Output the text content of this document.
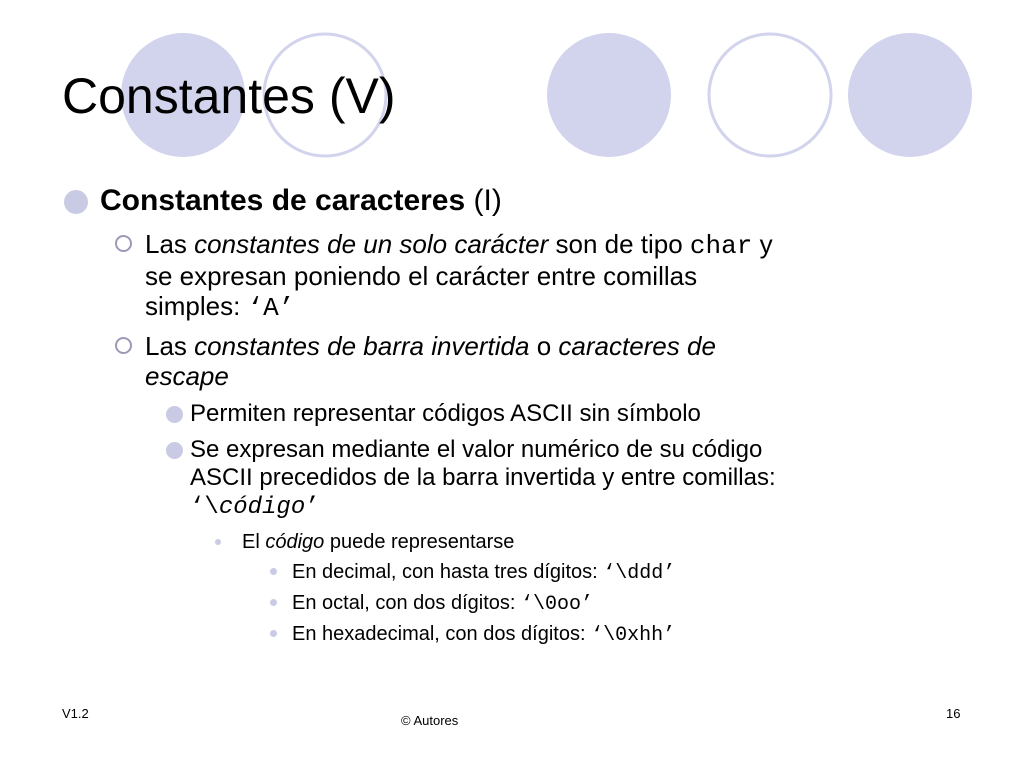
Constantes (V)
Constantes de caracteres (I)
Las constantes de un solo carácter son de tipo char y
se expresan poniendo el carácter entre comillas
simples: ‘A’
Las constantes de barra invertida o caracteres de
escape
Permiten representar códigos ASCII sin símbolo
Se expresan mediante el valor numérico de su código
ASCII precedidos de la barra invertida y entre comillas:
‘\código’
El código puede representarse
En decimal, con hasta tres dígitos: ‘\ddd’
En octal, con dos dígitos: ‘\0oo’
En hexadecimal, con dos dígitos: ‘\0xhh’
V1.2	© Autores	16
